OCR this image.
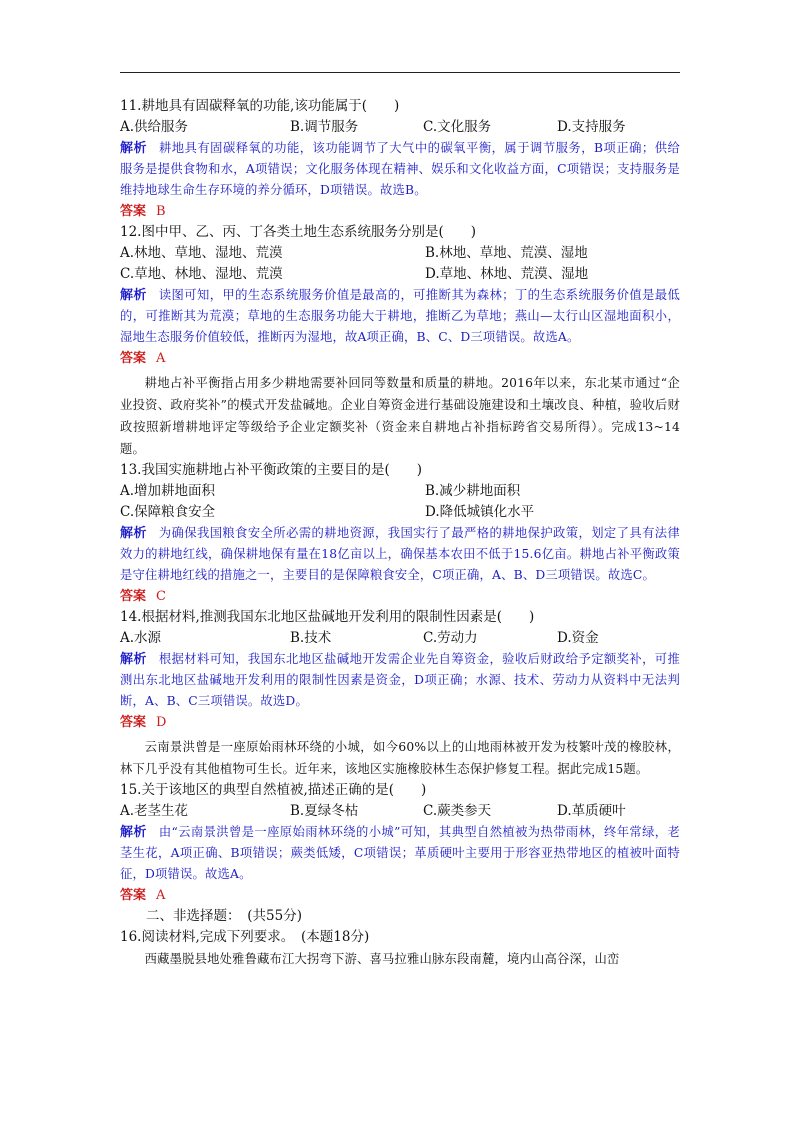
11.耕地具有固碳释氧的功能,该功能属于(　　)

A.供给服务	B.调节服务	C.文化服务	D.支持服务

解析 耕地具有固碳释氧的功能，该功能调节了大气中的碳氧平衡，属于调节服务，B项正确；供给服务是提供食物和水，A项错误；文化服务体现在精神、娱乐和文化收益方面，C项错误；支持服务是维持地球生命生存环境的养分循环，D项错误。故选B。

答案 B

12.图中甲、乙、丙、丁各类土地生态系统服务分别是(　　)

A.林地、草地、湿地、荒漠	B.林地、草地、荒漠、湿地
C.草地、林地、湿地、荒漠	D.草地、林地、荒漠、湿地

解析 读图可知，甲的生态系统服务价值是最高的，可推断其为森林；丁的生态系统服务价值是最低的，可推断其为荒漠；草地的生态服务功能大于耕地，推断乙为草地；燕山—太行山区湿地面积小，湿地生态服务价值较低，推断丙为湿地，故A项正确，B、C、D三项错误。故选A。

答案 A

耕地占补平衡指占用多少耕地需要补回同等数量和质量的耕地。2016年以来，东北某市通过“企业投资、政府奖补”的模式开发盐碱地。企业自筹资金进行基础设施建设和土壤改良、种植，验收后财政按照新增耕地评定等级给予企业定额奖补（资金来自耕地占补指标跨省交易所得）。完成13~14题。

13.我国实施耕地占补平衡政策的主要目的是(　　)

A.增加耕地面积	B.减少耕地面积
C.保障粮食安全	D.降低城镇化水平

解析 为确保我国粮食安全所必需的耕地资源，我国实行了最严格的耕地保护政策，划定了具有法律效力的耕地红线，确保耕地保有量在18亿亩以上，确保基本农田不低于15.6亿亩。耕地占补平衡政策是守住耕地红线的措施之一，主要目的是保障粮食安全，C项正确，A、B、D三项错误。故选C。

答案 C

14.根据材料,推测我国东北地区盐碱地开发利用的限制性因素是(　　)

A.水源	B.技术	C.劳动力	D.资金

解析 根据材料可知，我国东北地区盐碱地开发需企业先自筹资金，验收后财政给予定额奖补，可推测出东北地区盐碱地开发利用的限制性因素是资金，D项正确；水源、技术、劳动力从资料中无法判断，A、B、C三项错误。故选D。

答案 D

云南景洪曾是一座原始雨林环绕的小城，如今60%以上的山地雨林被开发为枝繁叶茂的橡胶林，林下几乎没有其他植物可生长。近年来，该地区实施橡胶林生态保护修复工程。据此完成15题。

15.关于该地区的典型自然植被,描述正确的是(　　)

A.老茎生花	B.夏绿冬枯	C.蕨类参天	D.革质硬叶

解析 由“云南景洪曾是一座原始雨林环绕的小城”可知，其典型自然植被为热带雨林，终年常绿，老茎生花，A项正确、B项错误；蕨类低矮，C项错误；革质硬叶主要用于形容亚热带地区的植被叶面特征，D项错误。故选A。

答案 A

二、非选择题：　(共55分)

16.阅读材料,完成下列要求。　(本题18分)

西藏墨脱县地处雅鲁藏布江大拐弯下游、喜马拉雅山脉东段南麓，境内山高谷深，山峦
